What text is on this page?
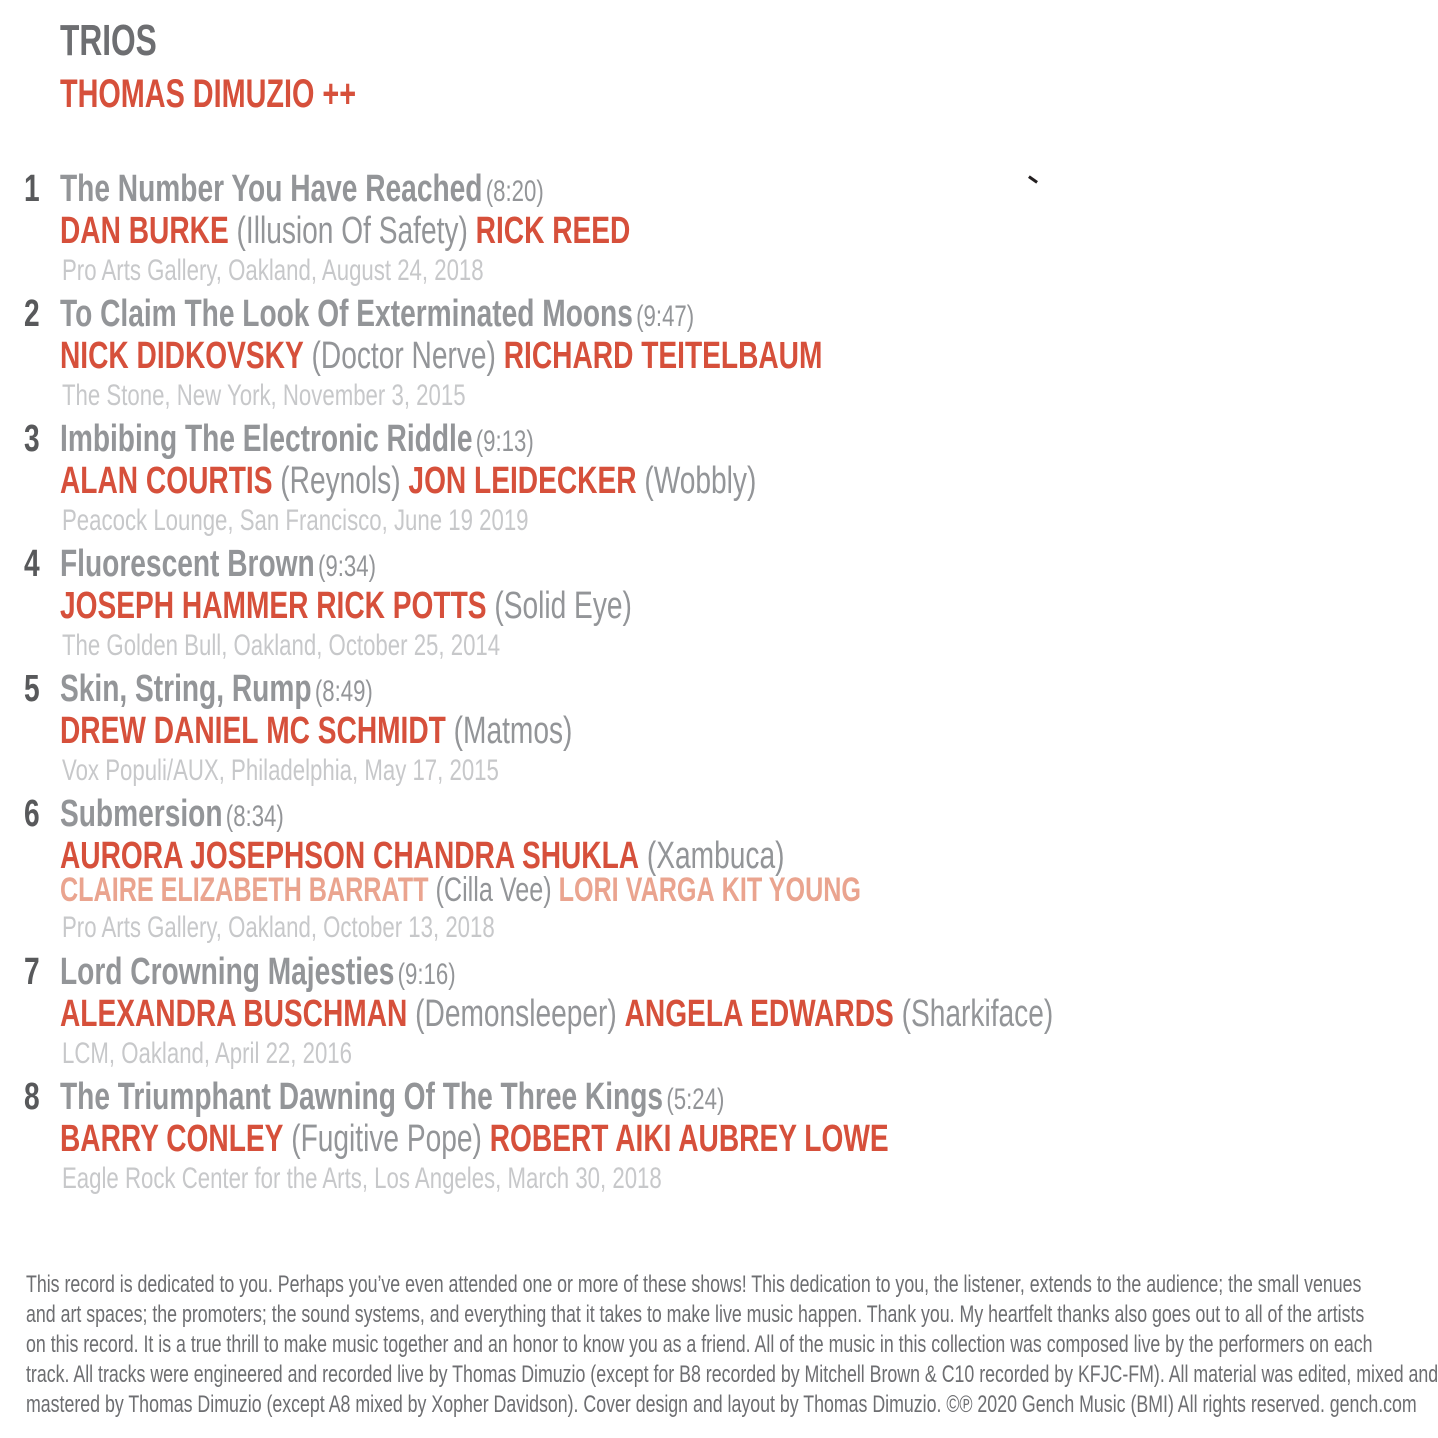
TRIOS
THOMAS DIMUZIO ++
1 The Number You Have Reached (8:20)
DAN BURKE (Illusion Of Safety) RICK REED
Pro Arts Gallery, Oakland, August 24, 2018
2 To Claim The Look Of Exterminated Moons (9:47)
NICK DIDKOVSKY (Doctor Nerve) RICHARD TEITELBAUM
The Stone, New York, November 3, 2015
3 Imbibing The Electronic Riddle (9:13)
ALAN COURTIS (Reynols) JON LEIDECKER (Wobbly)
Peacock Lounge, San Francisco, June 19 2019
4 Fluorescent Brown (9:34)
JOSEPH HAMMER RICK POTTS (Solid Eye)
The Golden Bull, Oakland, October 25, 2014
5 Skin, String, Rump (8:49)
DREW DANIEL MC SCHMIDT (Matmos)
Vox Populi/AUX, Philadelphia, May 17, 2015
6 Submersion (8:34)
AURORA JOSEPHSON CHANDRA SHUKLA (Xambuca)
CLAIRE ELIZABETH BARRATT (Cilla Vee) LORI VARGA KIT YOUNG
Pro Arts Gallery, Oakland, October 13, 2018
7 Lord Crowning Majesties (9:16)
ALEXANDRA BUSCHMAN (Demonsleeper) ANGELA EDWARDS (Sharkiface)
LCM, Oakland, April 22, 2016
8 The Triumphant Dawning Of The Three Kings (5:24)
BARRY CONLEY (Fugitive Pope) ROBERT AIKI AUBREY LOWE
Eagle Rock Center for the Arts, Los Angeles, March 30, 2018
This record is dedicated to you. Perhaps you’ve even attended one or more of these shows! This dedication to you, the listener, extends to the audience; the small venues
and art spaces; the promoters; the sound systems, and everything that it takes to make live music happen. Thank you. My heartfelt thanks also goes out to all of the artists
on this record. It is a true thrill to make music together and an honor to know you as a friend. All of the music in this collection was composed live by the performers on each
track. All tracks were engineered and recorded live by Thomas Dimuzio (except for B8 recorded by Mitchell Brown & C10 recorded by KFJC-FM). All material was edited, mixed and
mastered by Thomas Dimuzio (except A8 mixed by Xopher Davidson). Cover design and layout by Thomas Dimuzio. ©℗ 2020 Gench Music (BMI) All rights reserved. gench.com
